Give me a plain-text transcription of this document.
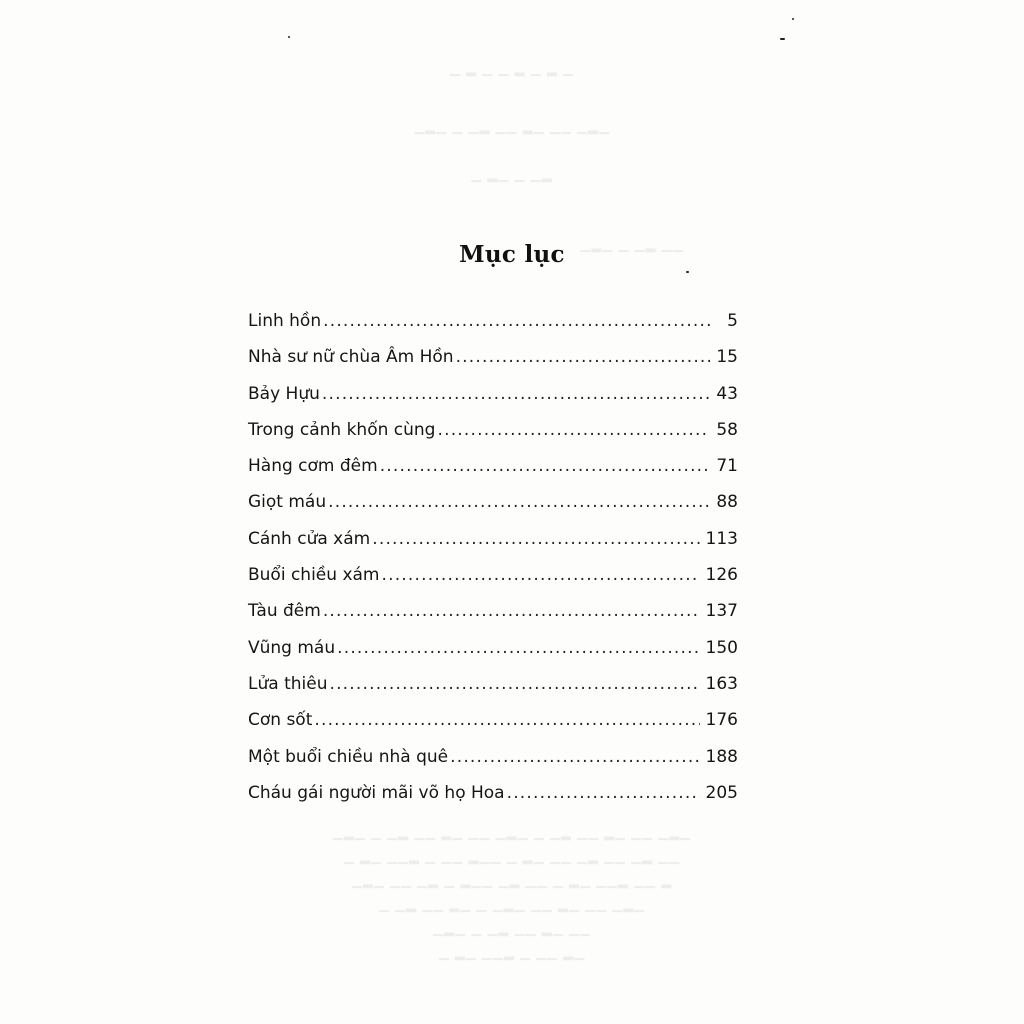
▁ ▂ ▁ ▁ ▂ ▁ ▂ ▁
▁▂▁ ▁ ▁▂ ▁▁ ▂▁ ▁▁ ▁▂▁
▁ ▂▁ ▁ ▁▂
▁▂▁ ▁ ▁▂ ▁▁
▁▂▁ ▁ ▁▂ ▁▁ ▂▁ ▁▁ ▁▂▁ ▁ ▁▂ ▁▁ ▂▁ ▁▁ ▁▂▁
▁ ▂▁ ▁▁▂ ▁ ▁▁ ▂▁▁ ▁ ▂▁ ▁▁ ▁▂ ▁▁ ▁▂ ▁▁
▁▂▁ ▁▁ ▁▂ ▁ ▂▁▁ ▁▂ ▁▁ ▁ ▂▁ ▁▁▂ ▁▁ ▂
▁ ▁▂ ▁▁ ▂▁ ▁ ▁▂▁ ▁▁ ▂▁ ▁▁ ▁▂▁
▁▂▁ ▁ ▁▂ ▁▁ ▂▁ ▁▁
▁ ▂▁ ▁▁▂ ▁ ▁▁ ▂▁
Mục lục
Linh hồn .....	5
Nhà sư nữ chùa Âm Hồn .....	15
Bảy Hựu .....	43
Trong cảnh khốn cùng .....	58
Hàng cơm đêm .....	71
Giọt máu .....	88
Cánh cửa xám .....	113
Buổi chiều xám .....	126
Tàu đêm .....	137
Vũng máu .....	150
Lửa thiêu .....	163
Cơn sốt .....	176
Một buổi chiều nhà quê .....	188
Cháu gái người mãi võ họ Hoa .....	205
